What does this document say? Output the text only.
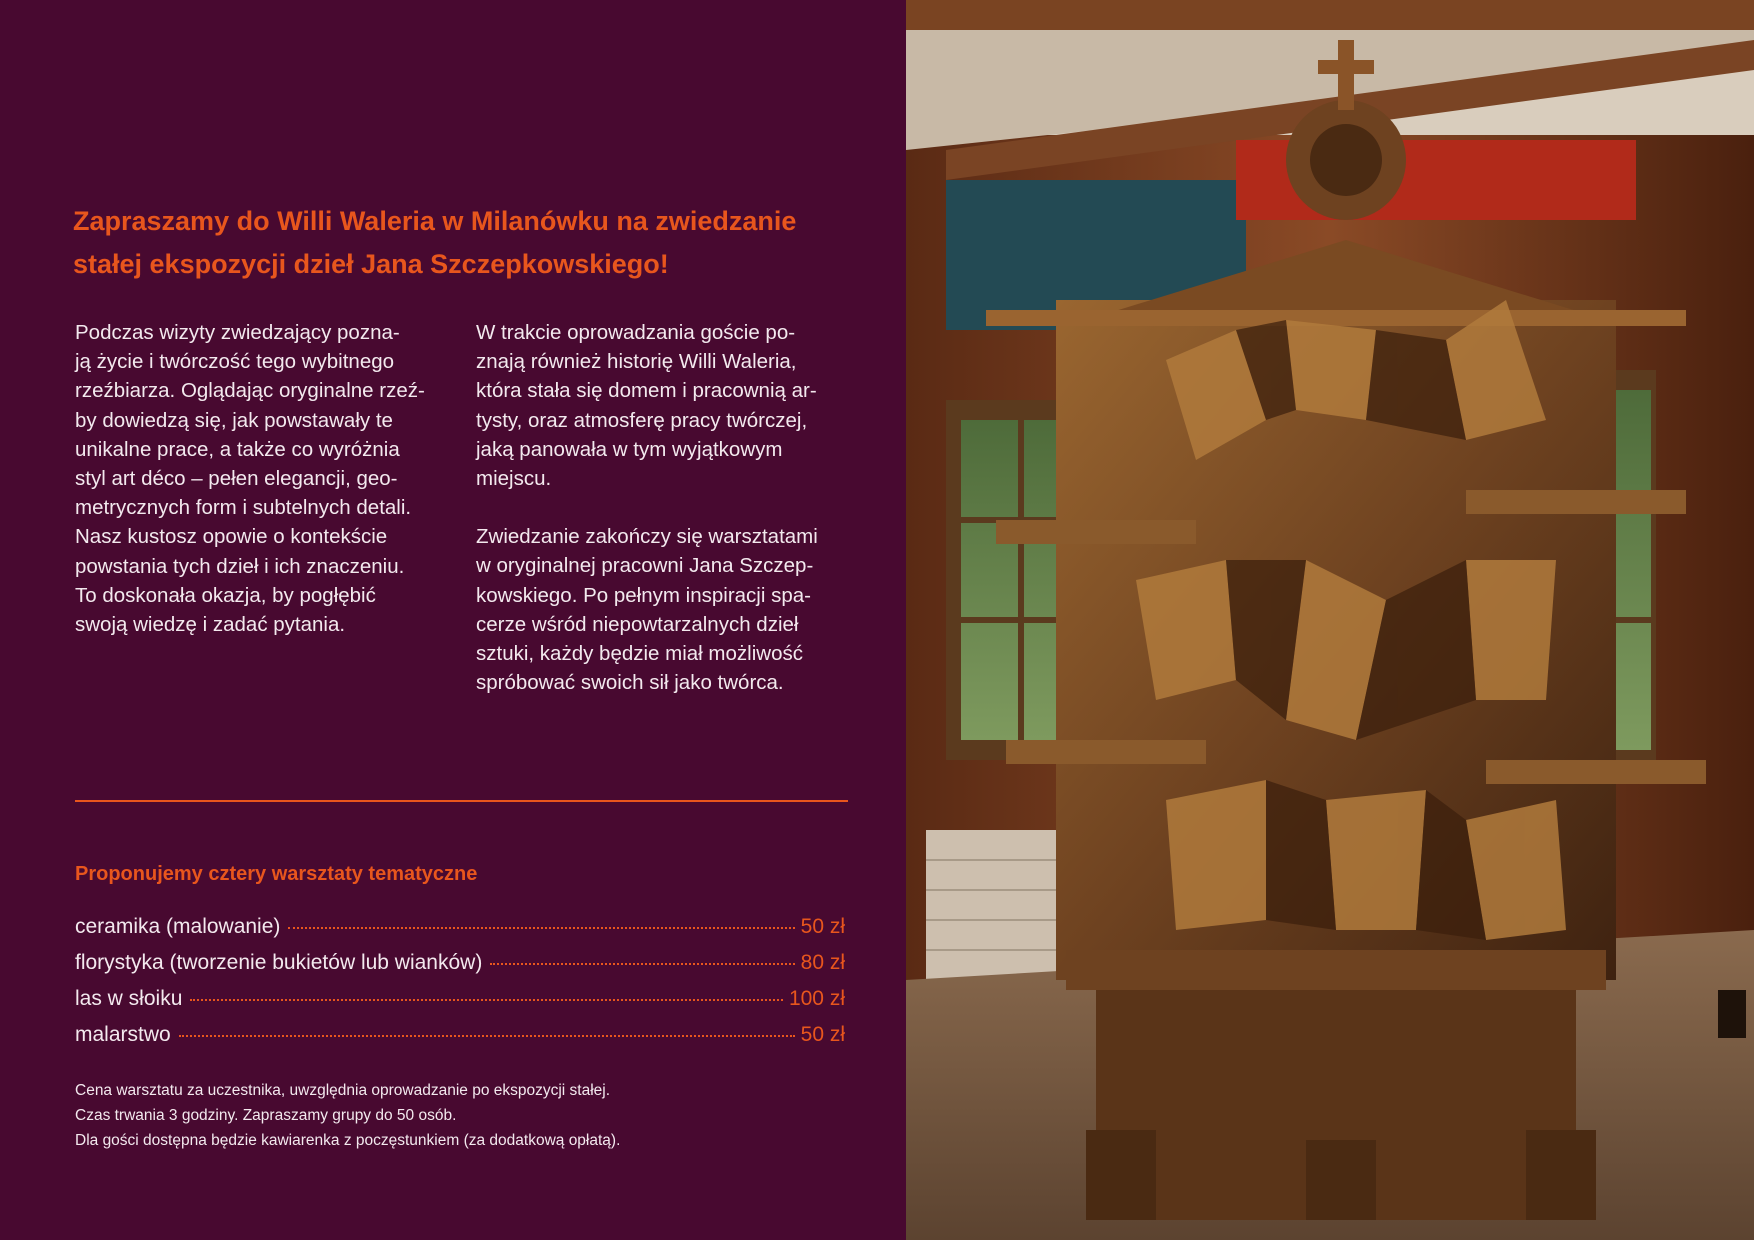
Zapraszamy do Willi Waleria w Milanówku na zwiedzanie
stałej ekspozycji dzieł Jana Szczepkowskiego!

Podczas wizyty zwiedzający pozna-
ją życie i twórczość tego wybitnego
rzeźbiarza. Oglądając oryginalne rzeź-
by dowiedzą się, jak powstawały te
unikalne prace, a także co wyróżnia
styl art déco – pełen elegancji, geo-
metrycznych form i subtelnych detali.
Nasz kustosz opowie o kontekście
powstania tych dzieł i ich znaczeniu.
To doskonała okazja, by pogłębić
swoją wiedzę i zadać pytania.

W trakcie oprowadzania goście po-
znają również historię Willi Waleria,
która stała się domem i pracownią ar-
tysty, oraz atmosferę pracy twórczej,
jaką panowała w tym wyjątkowym
miejscu.

Zwiedzanie zakończy się warsztatami
w oryginalnej pracowni Jana Szczep-
kowskiego. Po pełnym inspiracji spa-
cerze wśród niepowtarzalnych dzieł
sztuki, każdy będzie miał możliwość
spróbować swoich sił jako twórca.

Proponujemy cztery warsztaty tematyczne
ceramika (malowanie)	50 zł
florystyka (tworzenie bukietów lub wianków)	80 zł
las w słoiku	100 zł
malarstwo	50 zł
Cena warsztatu za uczestnika, uwzględnia oprowadzanie po ekspozycji stałej.
Czas trwania 3 godziny. Zapraszamy grupy do 50 osób.
Dla gości dostępna będzie kawiarenka z poczęstunkiem (za dodatkową opłatą).
